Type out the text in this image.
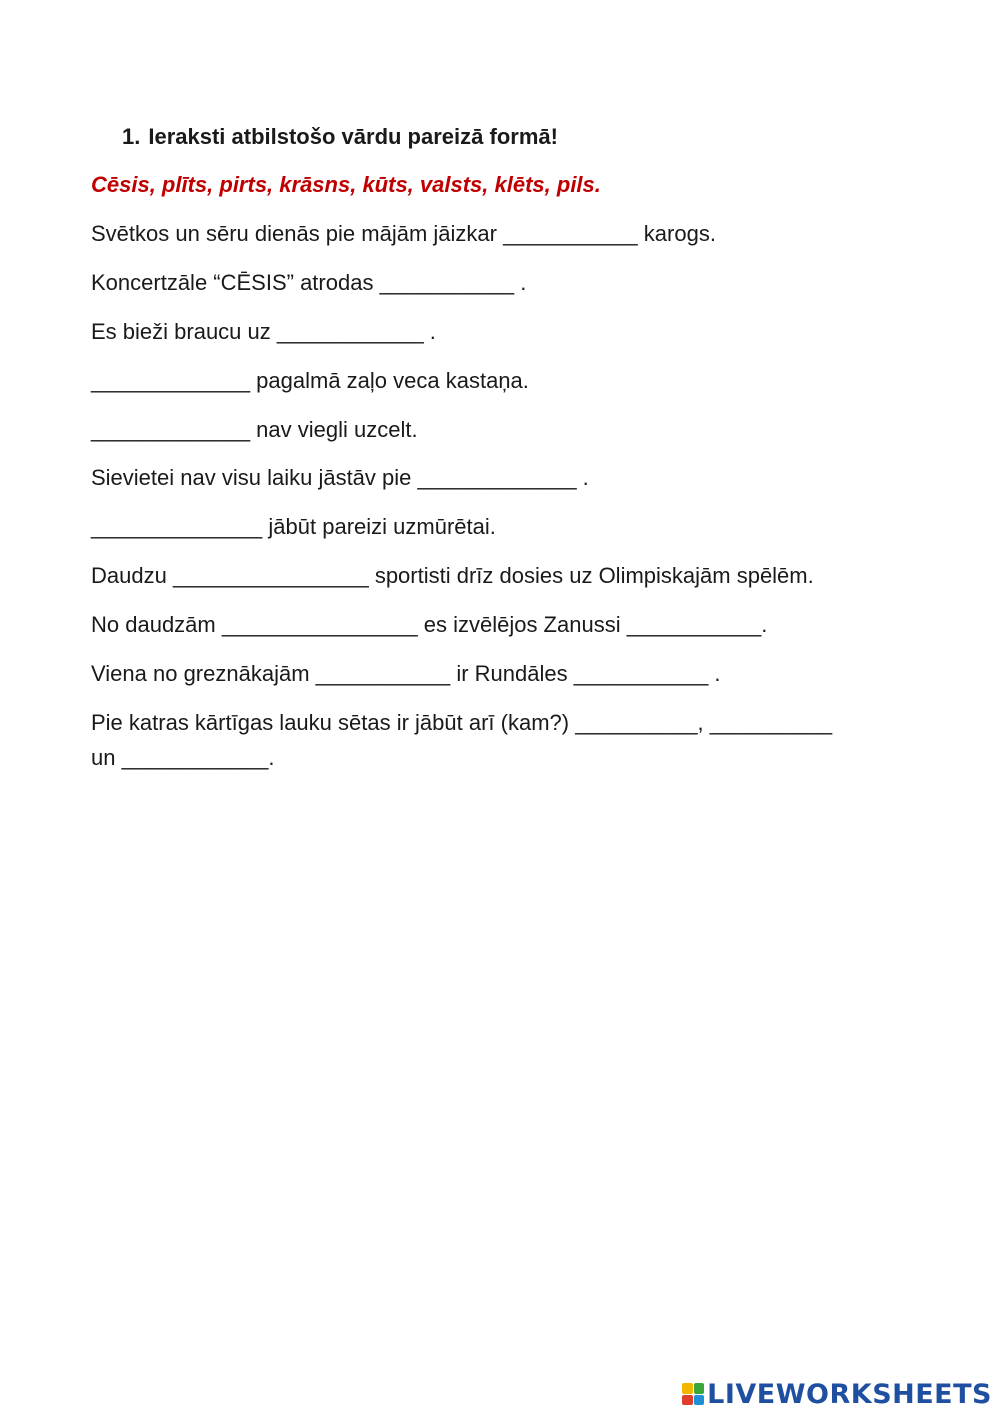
1. Ieraksti atbilstošo vārdu pareizā formā!
Cēsis, plīts, pirts, krāsns, kūts, valsts, klēts, pils.
Svētkos un sēru dienās pie mājām jāizkar ___________ karogs.
Koncertzāle “CĒSIS” atrodas ___________ .
Es bieži braucu uz ____________ .
_____________ pagalmā zaļo veca kastaņa.
_____________ nav viegli uzcelt.
Sievietei nav visu laiku jāstāv pie _____________ .
______________ jābūt pareizi uzmūrētai.
Daudzu ________________ sportisti drīz dosies uz Olimpiskajām spēlēm.
No daudzām ________________ es izvēlējos Zanussi ___________.
Viena no greznākajām ___________ ir Rundāles ___________ .
Pie katras kārtīgas lauku sētas ir jābūt arī (kam?) __________, __________
un ____________.
LIVEWORKSHEETS
